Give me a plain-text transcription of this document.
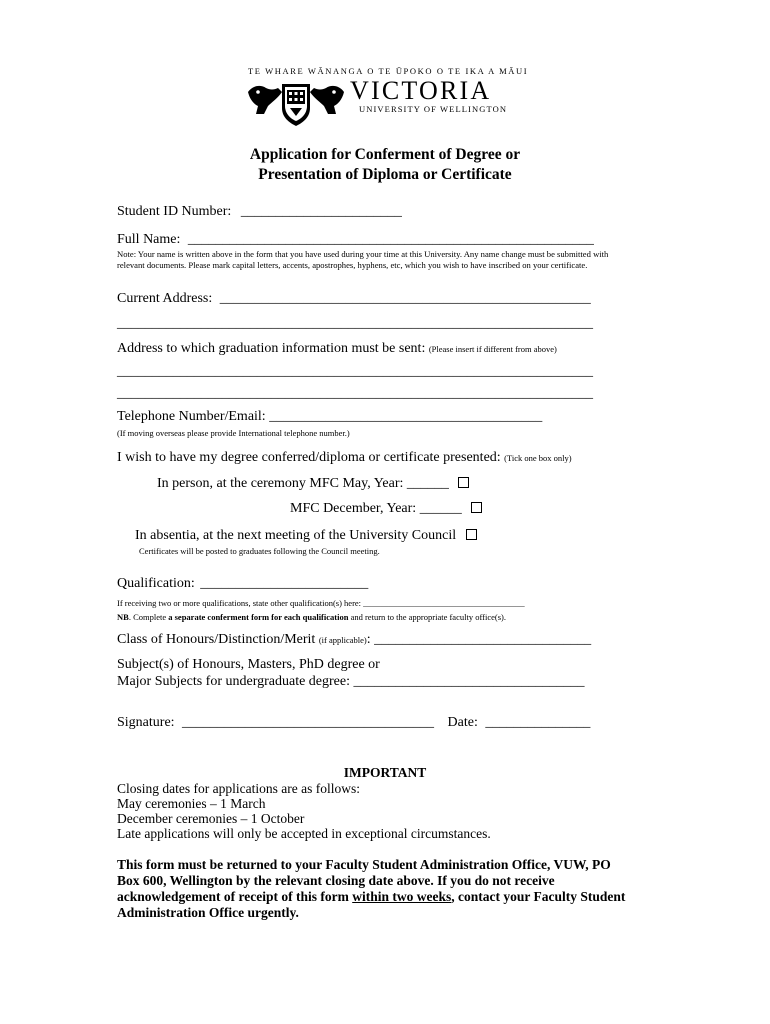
TE WHARE WĀNANGA O TE ŪPOKO O TE IKA A MĀUI
VICTORIA
UNIVERSITY OF WELLINGTON
Application for Conferment of Degree or
Presentation of Diploma or Certificate
Student ID Number: _______________________
Full Name: __________________________________________________________
Note: Your name is written above in the form that you have used during your time at this University. Any name change must be submitted with relevant documents. Please mark capital letters, accents, apostrophes, hyphens, etc, which you wish to have inscribed on your certificate.
Current Address: _____________________________________________________
____________________________________________________________________
Address to which graduation information must be sent: (Please insert if different from above)
____________________________________________________________________
____________________________________________________________________
Telephone Number/Email: _______________________________________
(If moving overseas please provide International telephone number.)
I wish to have my degree conferred/diploma or certificate presented: (Tick one box only)
In person, at the ceremony MFC May, Year: ______
MFC December, Year: ______
In absentia, at the next meeting of the University Council
Certificates will be posted to graduates following the Council meeting.
Qualification: ________________________
If receiving two or more qualifications, state other qualification(s) here: ______________________________________
NB. Complete a separate conferment form for each qualification and return to the appropriate faculty office(s).
Class of Honours/Distinction/Merit (if applicable): _______________________________
Subject(s) of Honours, Masters, PhD degree or
Major Subjects for undergraduate degree: _________________________________
Signature: ____________________________________ Date: _______________
IMPORTANT
Closing dates for applications are as follows:
May ceremonies – 1 March
December ceremonies – 1 October
Late applications will only be accepted in exceptional circumstances.
This form must be returned to your Faculty Student Administration Office, VUW, PO
Box 600, Wellington by the relevant closing date above. If you do not receive
acknowledgement of receipt of this form within two weeks, contact your Faculty Student
Administration Office urgently.
